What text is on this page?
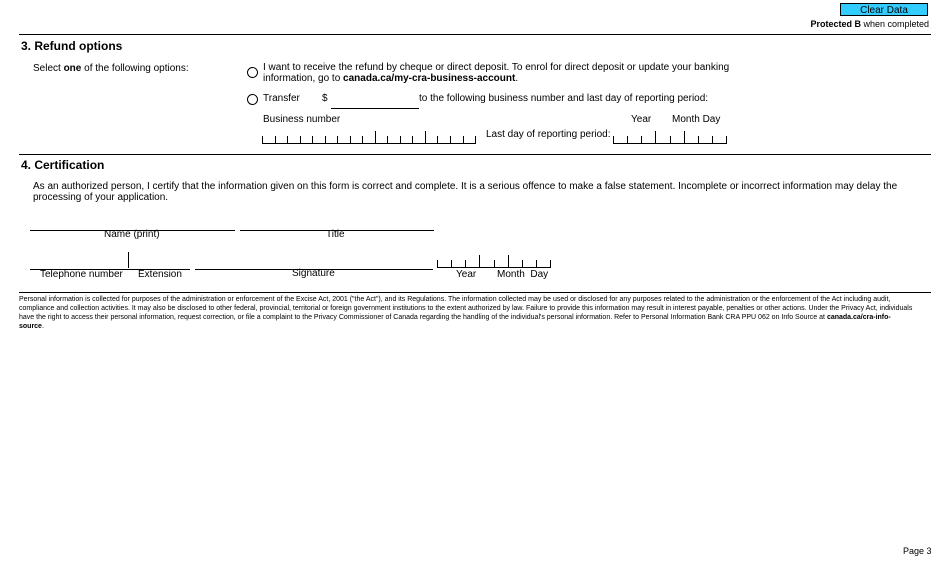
Clear Data
Protected B when completed
3. Refund options
Select one of the following options:	I want to receive the refund by cheque or direct deposit. To enrol for direct deposit or update your banking
information, go to canada.ca/my-cra-business-account.
Transfer $	to the following business number and last day of reporting period:
Business number	Year Month Day
Last day of reporting period:
4. Certification
As an authorized person, I certify that the information given on this form is correct and complete. It is a serious offence to make a false statement. Incomplete or incorrect information may delay the processing of your application.
Name (print)	Title
Telephone number Extension	Signature	Year Month  Day
Personal information is collected for purposes of the administration or enforcement of the Excise Act, 2001 ("the Act"), and its Regulations. The information collected may be used or disclosed for any purposes related to the administration or the enforcement of the Act including audit, compliance and collection activities. It may also be disclosed to other federal, provincial, territorial or foreign government institutions to the extent authorized by law. Failure to provide this information may result in interest payable, penalties or other actions. Under the Privacy Act, individuals have the right to access their personal information, request correction, or file a complaint to the Privacy Commissioner of Canada regarding the handling of the individual's personal information. Refer to Personal Information Bank CRA PPU 062 on Info Source at canada.ca/cra-info-source.
Page 3
